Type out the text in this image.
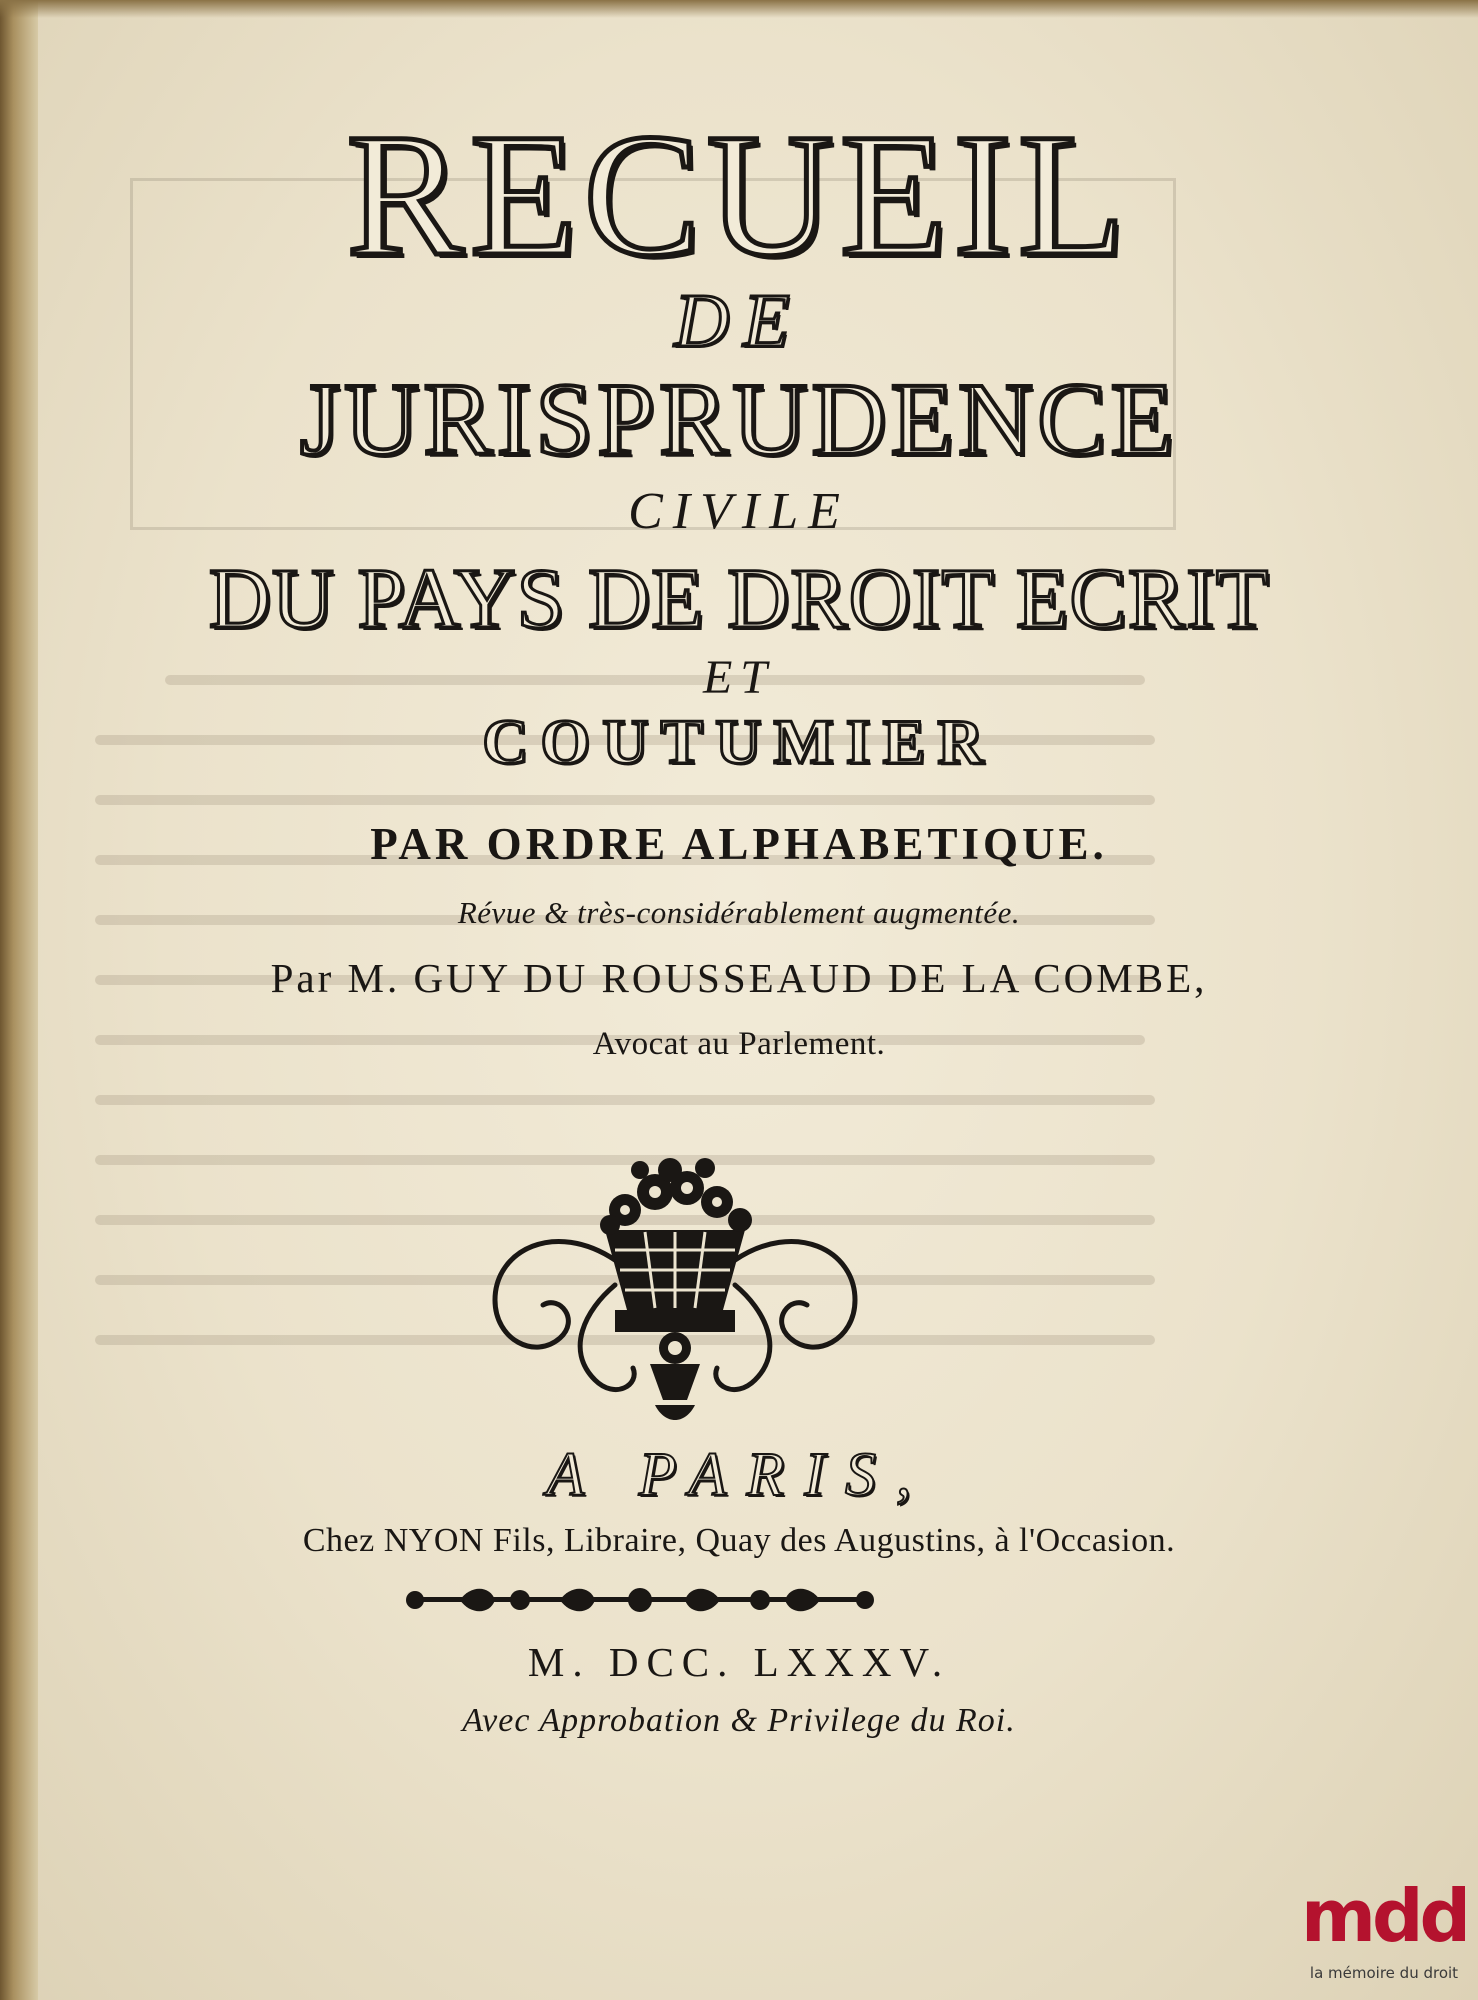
RECUEIL
DE
JURISPRUDENCE
CIVILE
DU PAYS DE DROIT ECRIT
ET
COUTUMIER
PAR ORDRE ALPHABETIQUE.
Révue & très-considérablement augmentée.
Par M. GUY DU ROUSSEAUD DE LA COMBE,
Avocat au Parlement.
A PARIS,
Chez NYON Fils, Libraire, Quay des Augustins, à l'Occasion.
M. DCC. LXXXV.
Avec Approbation & Privilege du Roi.
mdd
la mémoire du droit
